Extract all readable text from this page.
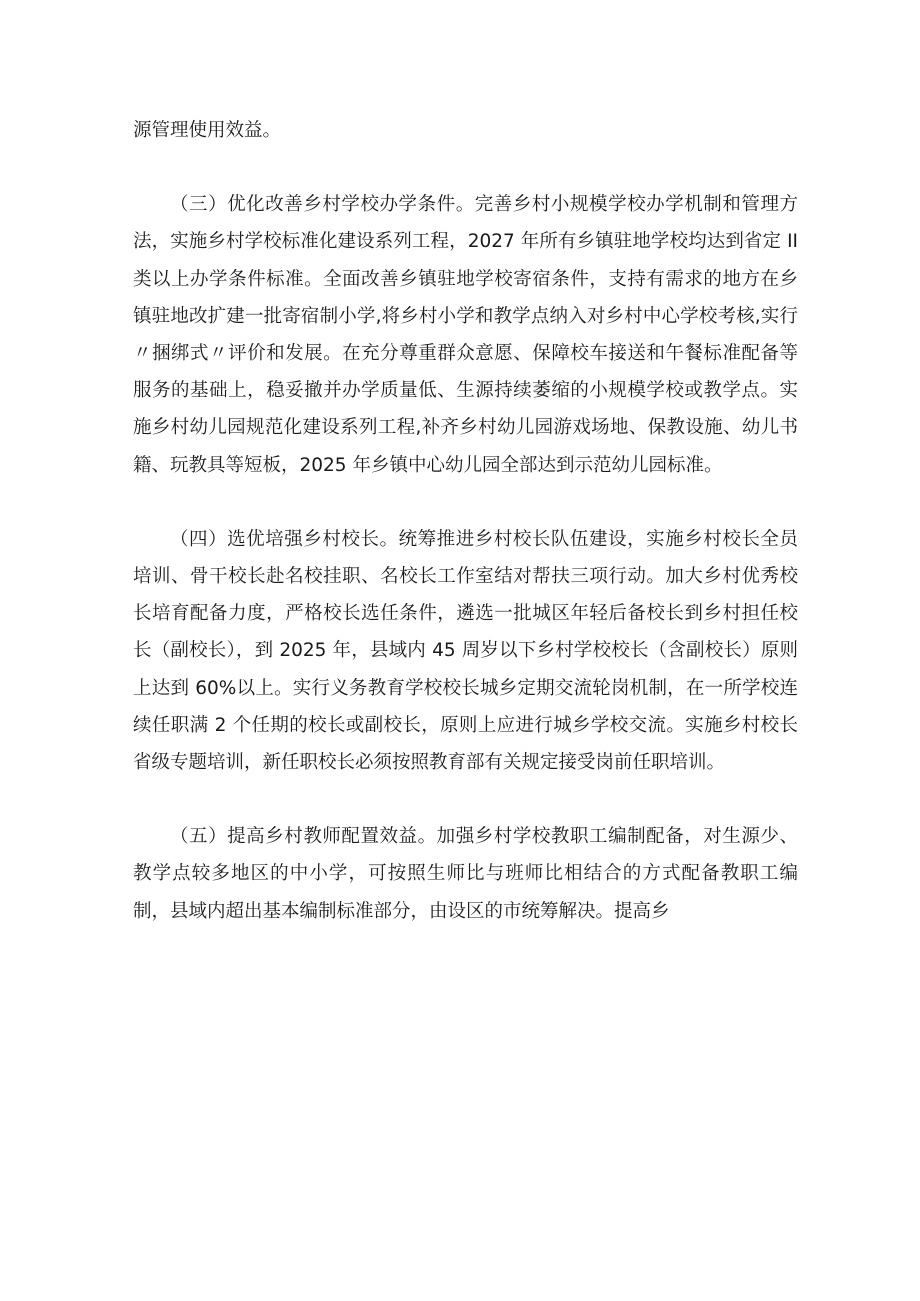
源管理使用效益。

（三）优化改善乡村学校办学条件。完善乡村小规模学校办学机制和管理方法，实施乡村学校标准化建设系列工程，2027 年所有乡镇驻地学校均达到省定 II 类以上办学条件标准。全面改善乡镇驻地学校寄宿条件，支持有需求的地方在乡镇驻地改扩建一批寄宿制小学,将乡村小学和教学点纳入对乡村中心学校考核,实行〃捆绑式〃评价和发展。在充分尊重群众意愿、保障校车接送和午餐标准配备等服务的基础上，稳妥撤并办学质量低、生源持续萎缩的小规模学校或教学点。实施乡村幼儿园规范化建设系列工程,补齐乡村幼儿园游戏场地、保教设施、幼儿书籍、玩教具等短板，2025 年乡镇中心幼儿园全部达到示范幼儿园标准。

（四）选优培强乡村校长。统筹推进乡村校长队伍建设，实施乡村校长全员培训、骨干校长赴名校挂职、名校长工作室结对帮扶三项行动。加大乡村优秀校长培育配备力度，严格校长选任条件，遴选一批城区年轻后备校长到乡村担任校长（副校长），到 2025 年，县域内 45 周岁以下乡村学校校长（含副校长）原则上达到 60%以上。实行义务教育学校校长城乡定期交流轮岗机制，在一所学校连续任职满 2 个任期的校长或副校长，原则上应进行城乡学校交流。实施乡村校长省级专题培训，新任职校长必须按照教育部有关规定接受岗前任职培训。

（五）提高乡村教师配置效益。加强乡村学校教职工编制配备，对生源少、教学点较多地区的中小学，可按照生师比与班师比相结合的方式配备教职工编制，县域内超出基本编制标准部分，由设区的市统筹解决。提高乡
